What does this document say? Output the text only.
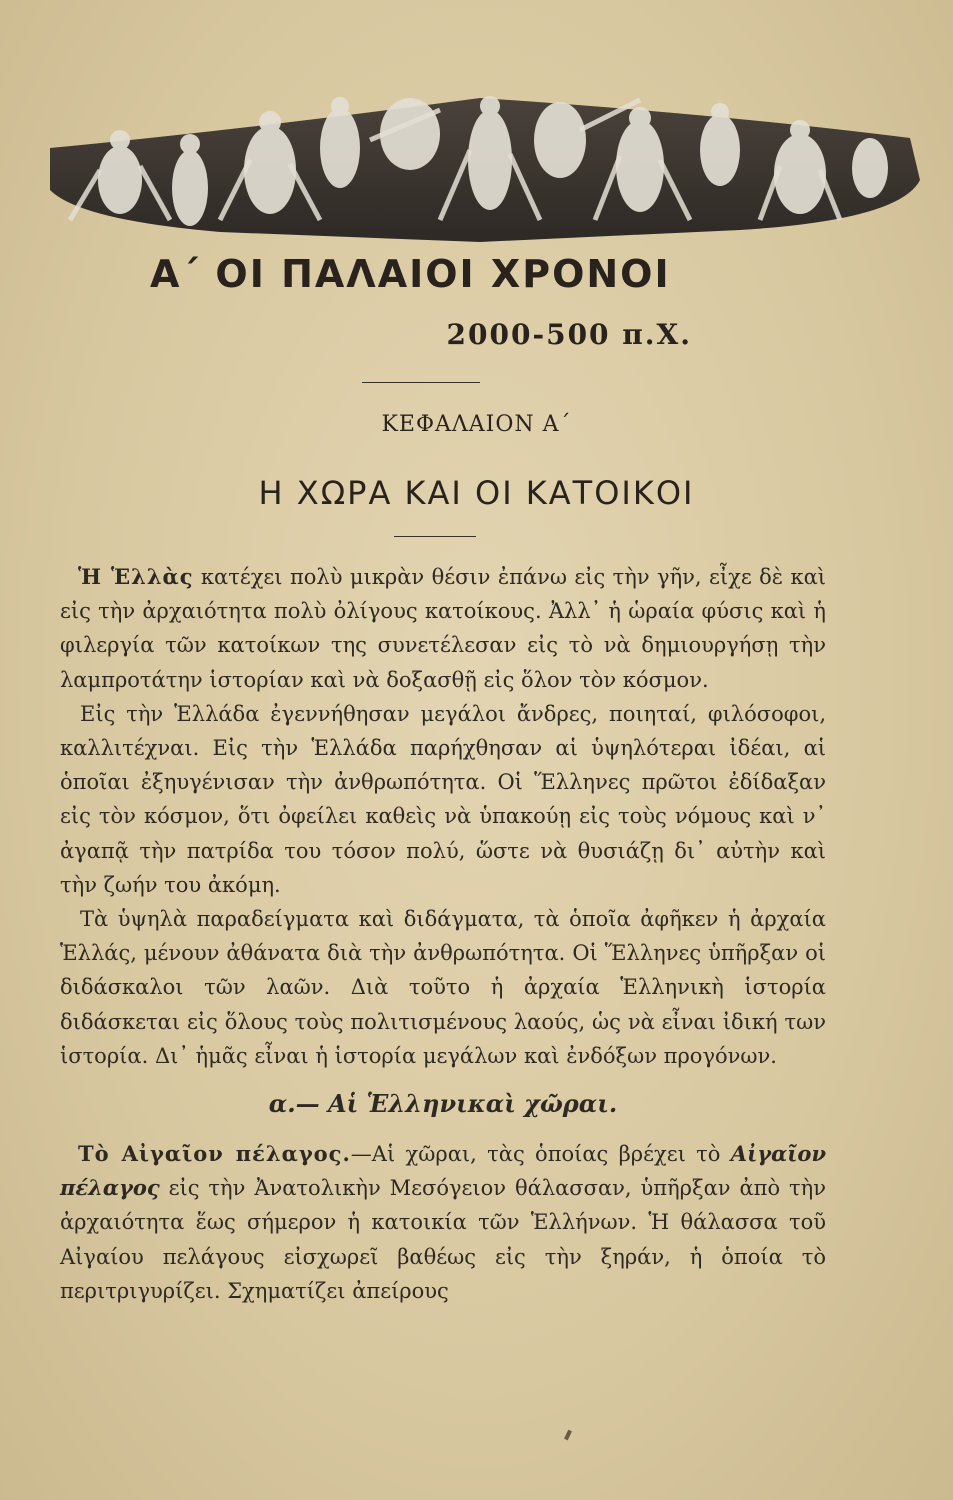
Α΄ ΟΙ ΠΑΛΑΙΟΙ ΧΡΟΝΟΙ
2000-500 π.Χ.
ΚΕΦΑΛΑΙΟΝ Α΄
Η ΧΩΡΑ ΚΑΙ ΟΙ ΚΑΤΟΙΚΟΙ

Ἡ Ἑλλὰς κατέχει πολὺ μικρὰν θέσιν ἐπάνω εἰς τὴν γῆν, εἶχε δὲ καὶ εἰς τὴν ἀρχαιότητα πολὺ ὀλίγους κατοίκους. Ἀλλ᾽ ἡ ὡραία φύσις καὶ ἡ φιλεργία τῶν κατοίκων της συνετέλεσαν εἰς τὸ νὰ δημιουργήσῃ τὴν λαμπροτάτην ἱστορίαν καὶ νὰ δοξασθῇ εἰς ὅλον τὸν κόσμον.

Εἰς τὴν Ἑλλάδα ἐγεννήθησαν μεγάλοι ἄνδρες, ποιηταί, φιλόσοφοι, καλλιτέχναι. Εἰς τὴν Ἑλλάδα παρήχθησαν αἱ ὑψηλότεραι ἰδέαι, αἱ ὁποῖαι ἐξηυγένισαν τὴν ἀνθρωπότητα. Οἱ Ἕλληνες πρῶτοι ἐδίδαξαν εἰς τὸν κόσμον, ὅτι ὀφείλει καθεὶς νὰ ὑπακούῃ εἰς τοὺς νόμους καὶ ν᾽ ἀγαπᾷ τὴν πατρίδα του τόσον πολύ, ὥστε νὰ θυσιάζῃ δι᾽ αὐτὴν καὶ τὴν ζωήν του ἀκόμη.

Τὰ ὑψηλὰ παραδείγματα καὶ διδάγματα, τὰ ὁποῖα ἀφῆκεν ἡ ἀρχαία Ἑλλάς, μένουν ἀθάνατα διὰ τὴν ἀνθρωπότητα. Οἱ Ἕλληνες ὑπῆρξαν οἱ διδάσκαλοι τῶν λαῶν. Διὰ τοῦτο ἡ ἀρχαία Ἑλληνικὴ ἱστορία διδάσκεται εἰς ὅλους τοὺς πολιτισμένους λαούς, ὡς νὰ εἶναι ἰδική των ἱστορία. Δι᾽ ἡμᾶς εἶναι ἡ ἱστορία μεγάλων καὶ ἐνδόξων προγόνων.

α.— Αἱ Ἑλληνικαὶ χῶραι.

Τὸ Αἰγαῖον πέλαγος.—Αἱ χῶραι, τὰς ὁποίας βρέχει τὸ Αἰγαῖον πέλαγος εἰς τὴν Ἀνατολικὴν Μεσόγειον θάλασσαν, ὑπῆρξαν ἀπὸ τὴν ἀρχαιότητα ἕως σήμερον ἡ κατοικία τῶν Ἑλλήνων. Ἡ θάλασσα τοῦ Αἰγαίου πελάγους εἰσχωρεῖ βαθέως εἰς τὴν ξηράν, ἡ ὁποία τὸ περιτριγυρίζει. Σχηματίζει ἀπείρους
